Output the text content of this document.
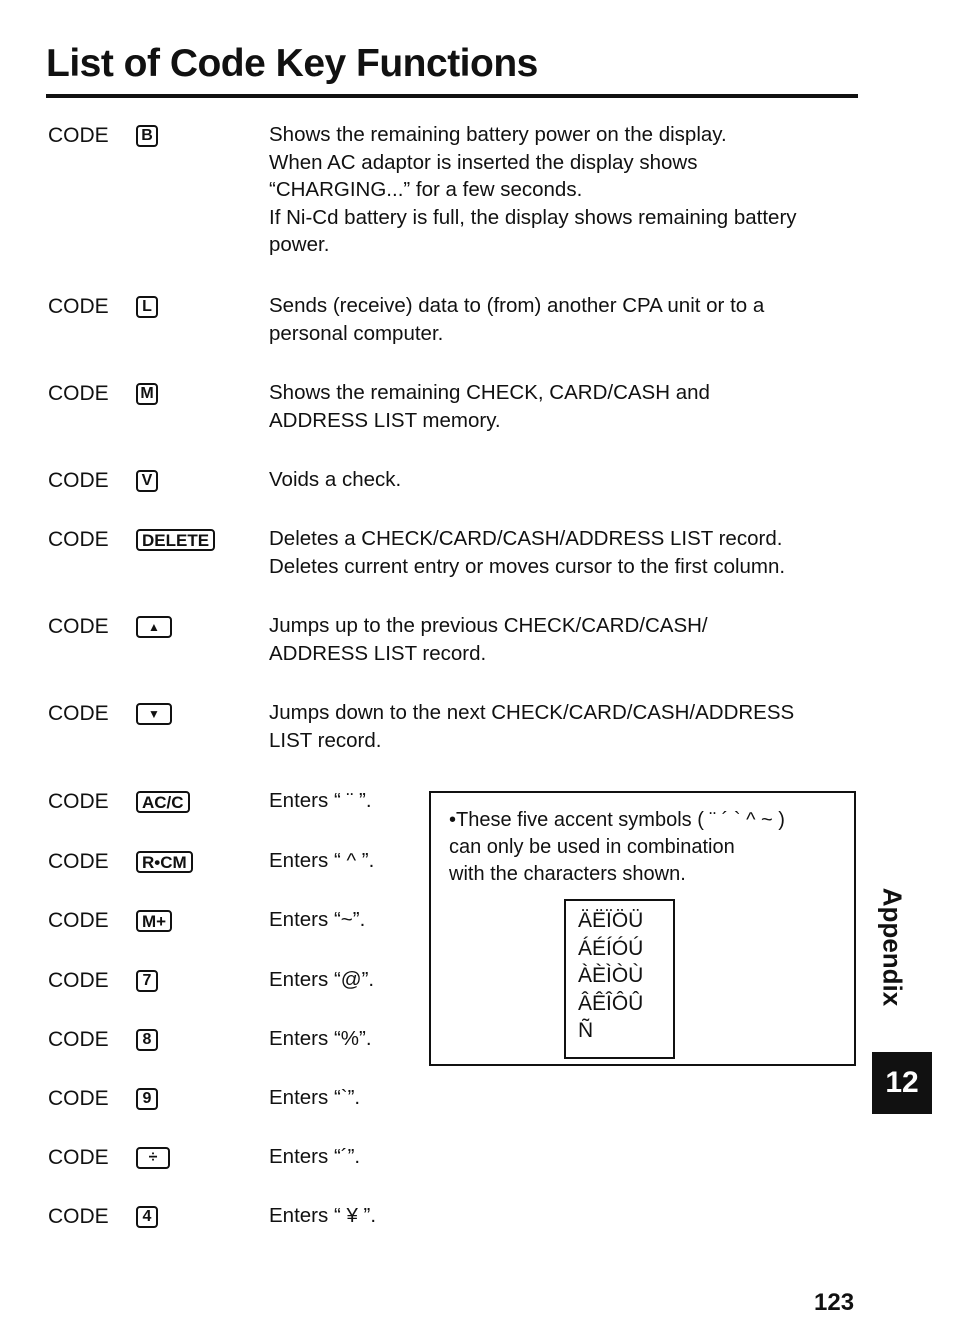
List of Code Key Functions
CODE	B	Shows the remaining battery power on the display.
When AC adaptor is inserted the display shows
“CHARGING...” for a few seconds.
If Ni-Cd battery is full, the display shows remaining battery
power.
CODE	L	Sends (receive) data to (from) another CPA unit or to a
personal computer.
CODE M	Shows the remaining CHECK, CARD/CASH and
ADDRESS LIST memory.
CODE	V	Voids a check.
CODE	DELETE	Deletes a CHECK/CARD/CASH/ADDRESS LIST record.
Deletes current entry or moves cursor to the first column.
CODE	▲	Jumps up to the previous CHECK/CARD/CASH/
ADDRESS LIST record.
CODE	▼	Jumps down to the next CHECK/CARD/CASH/ADDRESS
LIST record.
CODE	AC/C	Enters “ ¨ ”.
CODE	R•CM	Enters “ ^ ”.
CODE	M+	Enters “~”.
CODE	7	Enters “@”.
CODE	8	Enters “%”.
CODE	9	Enters “`”.
CODE	÷	Enters “´”.
CODE	4	Enters “ ¥ ”.
•These five accent symbols ( ¨ ´ ` ^ ~ )
can only be used in combination
with the characters shown.
ÄËÏÖÜ
ÁÉÍÓÚ
ÀÈÌÒÙ
ÂÊÎÔÛ
Ñ
Appendix
12
123
